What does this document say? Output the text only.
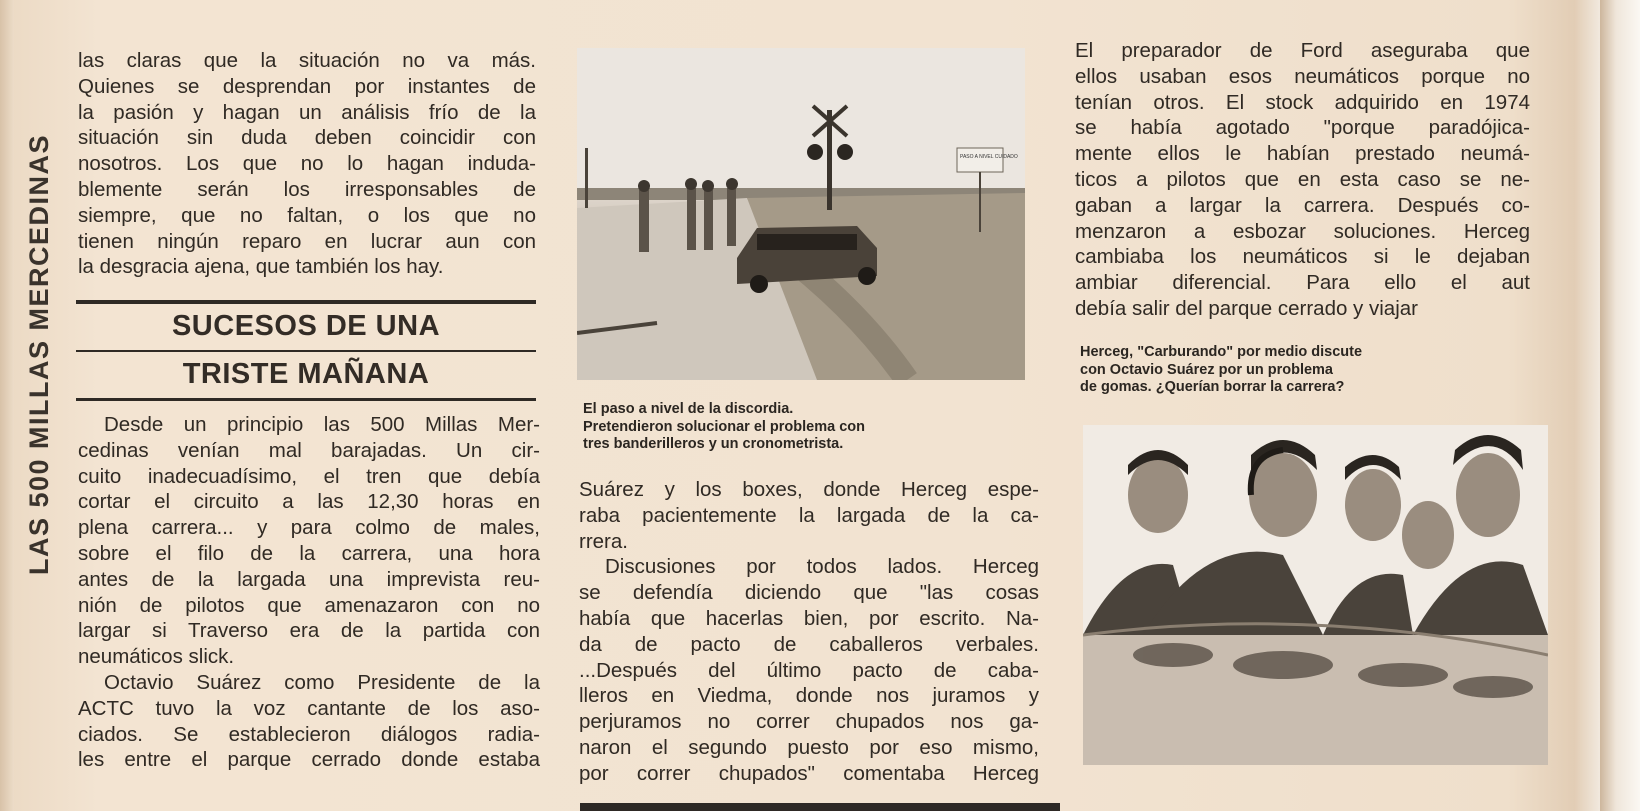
LAS 500 MILLAS MERCEDINAS

las claras que la situación no va más.

Quienes se desprendan por instantes de

la pasión y hagan un análisis frío de la

situación sin duda deben coincidir con

nosotros. Los que no lo hagan induda-

blemente serán los irresponsables de

siempre, que no faltan, o los que no

tienen ningún reparo en lucrar aun con

la desgracia ajena, que también los hay.

SUCESOS DE UNA
TRISTE MAÑANA

Desde un principio las 500 Millas Mer-

cedinas venían mal barajadas. Un cir-

cuito inadecuadísimo, el tren que debía

cortar el circuito a las 12,30 horas en

plena carrera... y para colmo de males,

sobre el filo de la carrera, una hora

antes de la largada una imprevista reu-

nión de pilotos que amenazaron con no

largar si Traverso era de la partida con

neumáticos slick.

Octavio Suárez como Presidente de la

ACTC tuvo la voz cantante de los aso-

ciados. Se establecieron diálogos radia-

les entre el parque cerrado donde estaba

PASO A NIVEL CUIDADO

El paso a nivel de la discordia.

Pretendieron solucionar el problema con

tres banderilleros y un cronometrista.

Suárez y los boxes, donde Herceg espe-

raba pacientemente la largada de la ca-

rrera.

Discusiones por todos lados. Herceg

se defendía diciendo que "las cosas

había que hacerlas bien, por escrito. Na-

da de pacto de caballeros verbales.

...Después del último pacto de caba-

lleros en Viedma, donde nos juramos y

perjuramos no correr chupados nos ga-

naron el segundo puesto por eso mismo,

por correr chupados" comentaba Herceg

El preparador de Ford aseguraba que

ellos usaban esos neumáticos porque no

tenían otros. El stock adquirido en 1974

se había agotado "porque paradójica-

mente ellos le habían prestado neumá-

ticos a pilotos que en esta caso se ne-

gaban a largar la carrera. Después co-

menzaron a esbozar soluciones. Herceg

cambiaba los neumáticos si le dejaban

ambiar diferencial. Para ello el aut

debía salir del parque cerrado y viajar

Herceg, "Carburando" por medio discute

con Octavio Suárez por un problema

de gomas. ¿Querían borrar la carrera?
